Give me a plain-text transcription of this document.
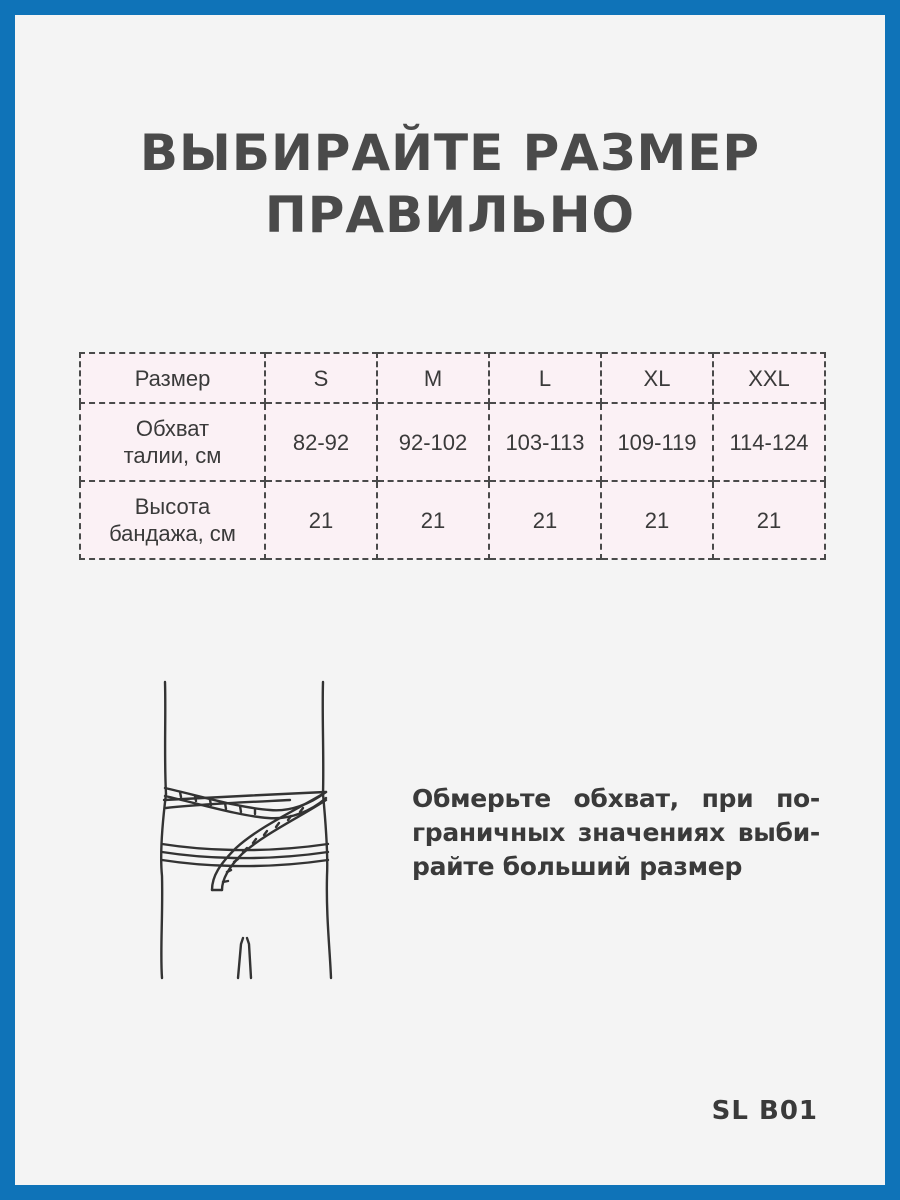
ВЫБИРАЙТЕ РАЗМЕР
ПРАВИЛЬНО
Размер	S	M	L	XL	XXL
Обхват
талии, см	82-92	92-102	103-113	109-119	114-124
Высота
бандажа, см	21	21	21	21	21
Обмерьте обхват, при по-граничных значениях выби-райте больший размер
SL B01
